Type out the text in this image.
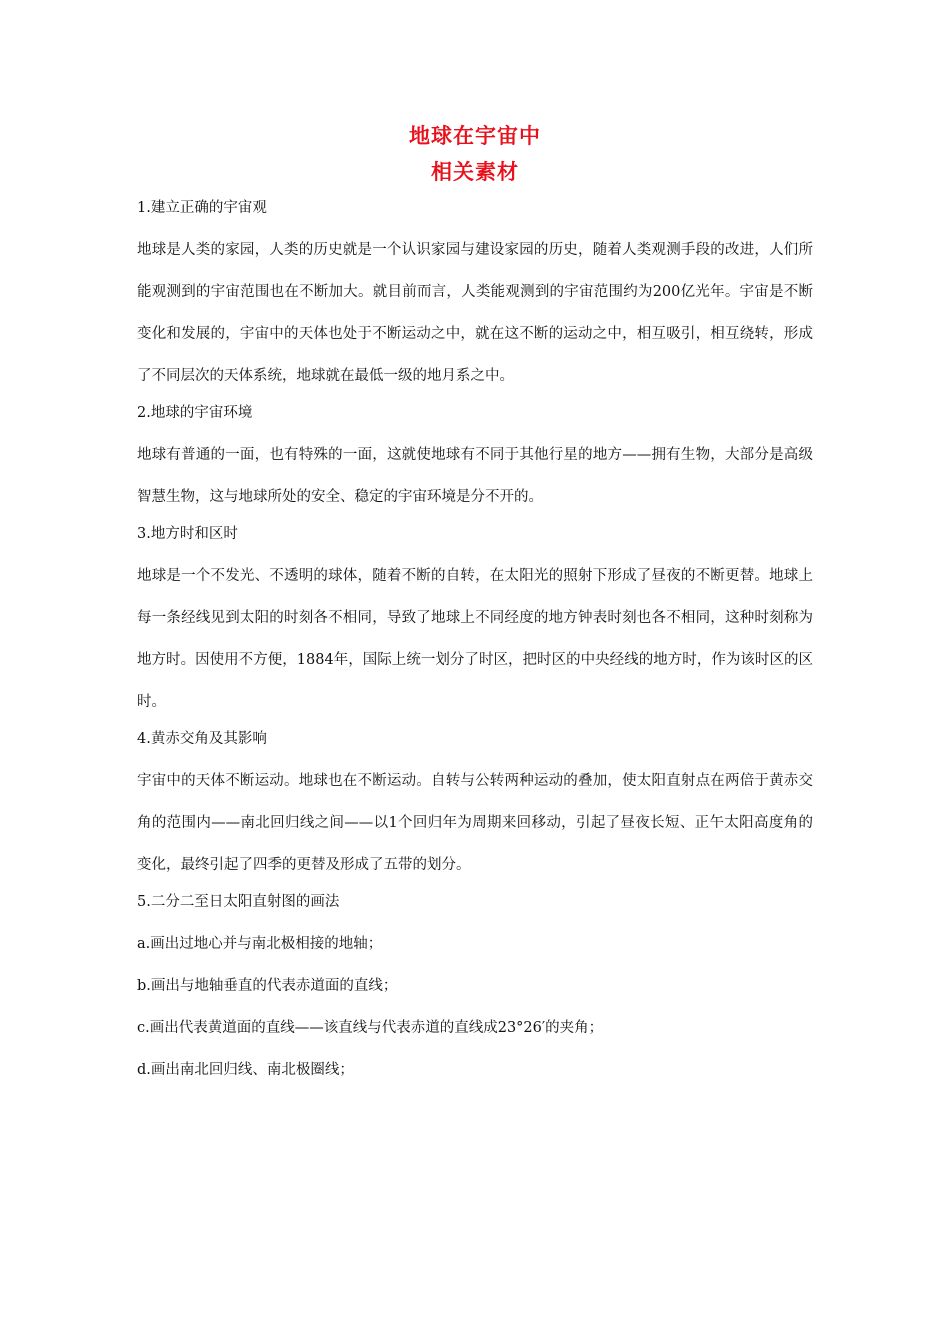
地球在宇宙中
相关素材
1.建立正确的宇宙观
地球是人类的家园，人类的历史就是一个认识家园与建设家园的历史，随着人类观测手段的改进，人们所能观测到的宇宙范围也在不断加大。就目前而言，人类能观测到的宇宙范围约为200亿光年。宇宙是不断变化和发展的，宇宙中的天体也处于不断运动之中，就在这不断的运动之中，相互吸引，相互绕转，形成了不同层次的天体系统，地球就在最低一级的地月系之中。
2.地球的宇宙环境
地球有普通的一面，也有特殊的一面，这就使地球有不同于其他行星的地方——拥有生物，大部分是高级智慧生物，这与地球所处的安全、稳定的宇宙环境是分不开的。
3.地方时和区时
地球是一个不发光、不透明的球体，随着不断的自转，在太阳光的照射下形成了昼夜的不断更替。地球上每一条经线见到太阳的时刻各不相同，导致了地球上不同经度的地方钟表时刻也各不相同，这种时刻称为地方时。因使用不方便，1884年，国际上统一划分了时区，把时区的中央经线的地方时，作为该时区的区时。
4.黄赤交角及其影响
宇宙中的天体不断运动。地球也在不断运动。自转与公转两种运动的叠加，使太阳直射点在两倍于黄赤交角的范围内——南北回归线之间——以1个回归年为周期来回移动，引起了昼夜长短、正午太阳高度角的变化，最终引起了四季的更替及形成了五带的划分。
5.二分二至日太阳直射图的画法
a.画出过地心并与南北极相接的地轴；
b.画出与地轴垂直的代表赤道面的直线；
c.画出代表黄道面的直线——该直线与代表赤道的直线成23°26′的夹角；
d.画出南北回归线、南北极圈线；
